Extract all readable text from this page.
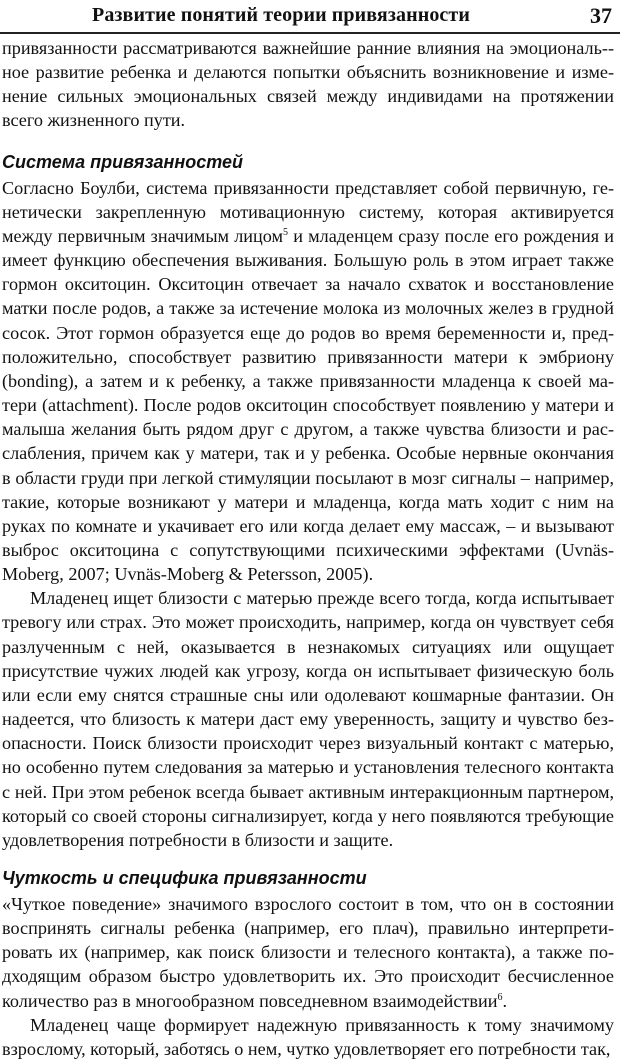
Развитие понятий теории привязанности	37

привязанности рассматриваются важнейшие ранние влияния на эмоциональ-ное развитие ребенка и делаются попытки объяснить возникновение и изменение сильных эмоциональных связей между индивидами на протяжении всего жизненного пути.

Система привязанностей

Согласно Боулби, система привязанности представляет собой первичную, генетически закрепленную мотивационную систему, которая активируется между первичным значимым лицом$^5$ и младенцем сразу после его рождения и имеет функцию обеспечения выживания. Большую роль в этом играет также гормон окситоцин. Окситоцин отвечает за начало схваток и восстановление матки после родов, а также за истечение молока из молочных желез в грудной сосок. Этот гормон образуется еще до родов во время беременности и, предположительно, способствует развитию привязанности матери к эмбриону (bonding), а затем и к ребенку, а также привязанности младенца к своей матери (attachment). После родов окситоцин способствует появлению у матери и малыша желания быть рядом друг с другом, а также чувства близости и расслабления, причем как у матери, так и у ребенка. Особые нервные окончания в области груди при легкой стимуляции посылают в мозг сигналы – например, такие, которые возникают у матери и младенца, когда мать ходит с ним на руках по комнате и укачивает его или когда делает ему массаж, – и вызывают выброс окситоцина с сопутствующими психическими эффектами (Uvnäs-Moberg, 2007; Uvnäs-Moberg & Petersson, 2005).

Младенец ищет близости с матерью прежде всего тогда, когда испытывает тревогу или страх. Это может происходить, например, когда он чувствует себя разлученным с ней, оказывается в незнакомых ситуациях или ощущает присутствие чужих людей как угрозу, когда он испытывает физическую боль или если ему снятся страшные сны или одолевают кошмарные фантазии. Он надеется, что близость к матери даст ему уверенность, защиту и чувство безопасности. Поиск близости происходит через визуальный контакт с матерью, но особенно путем следования за матерью и установления телесного контакта с ней. При этом ребенок всегда бывает активным интеракционным партнером, который со своей стороны сигнализирует, когда у него появляются требующие удовлетворения потребности в близости и защите.

Чуткость и специфика привязанности

«Чуткое поведение» значимого взрослого состоит в том, что он в состоянии воспринять сигналы ребенка (например, его плач), правильно интерпретировать их (например, как поиск близости и телесного контакта), а также подходящим образом быстро удовлетворить их. Это происходит бесчисленное количество раз в многообразном повседневном взаимодействии$^6$.

Младенец чаще формирует надежную привязанность к тому значимому взрослому, который, заботясь о нем, чутко удовлетворяет его потребности так,
